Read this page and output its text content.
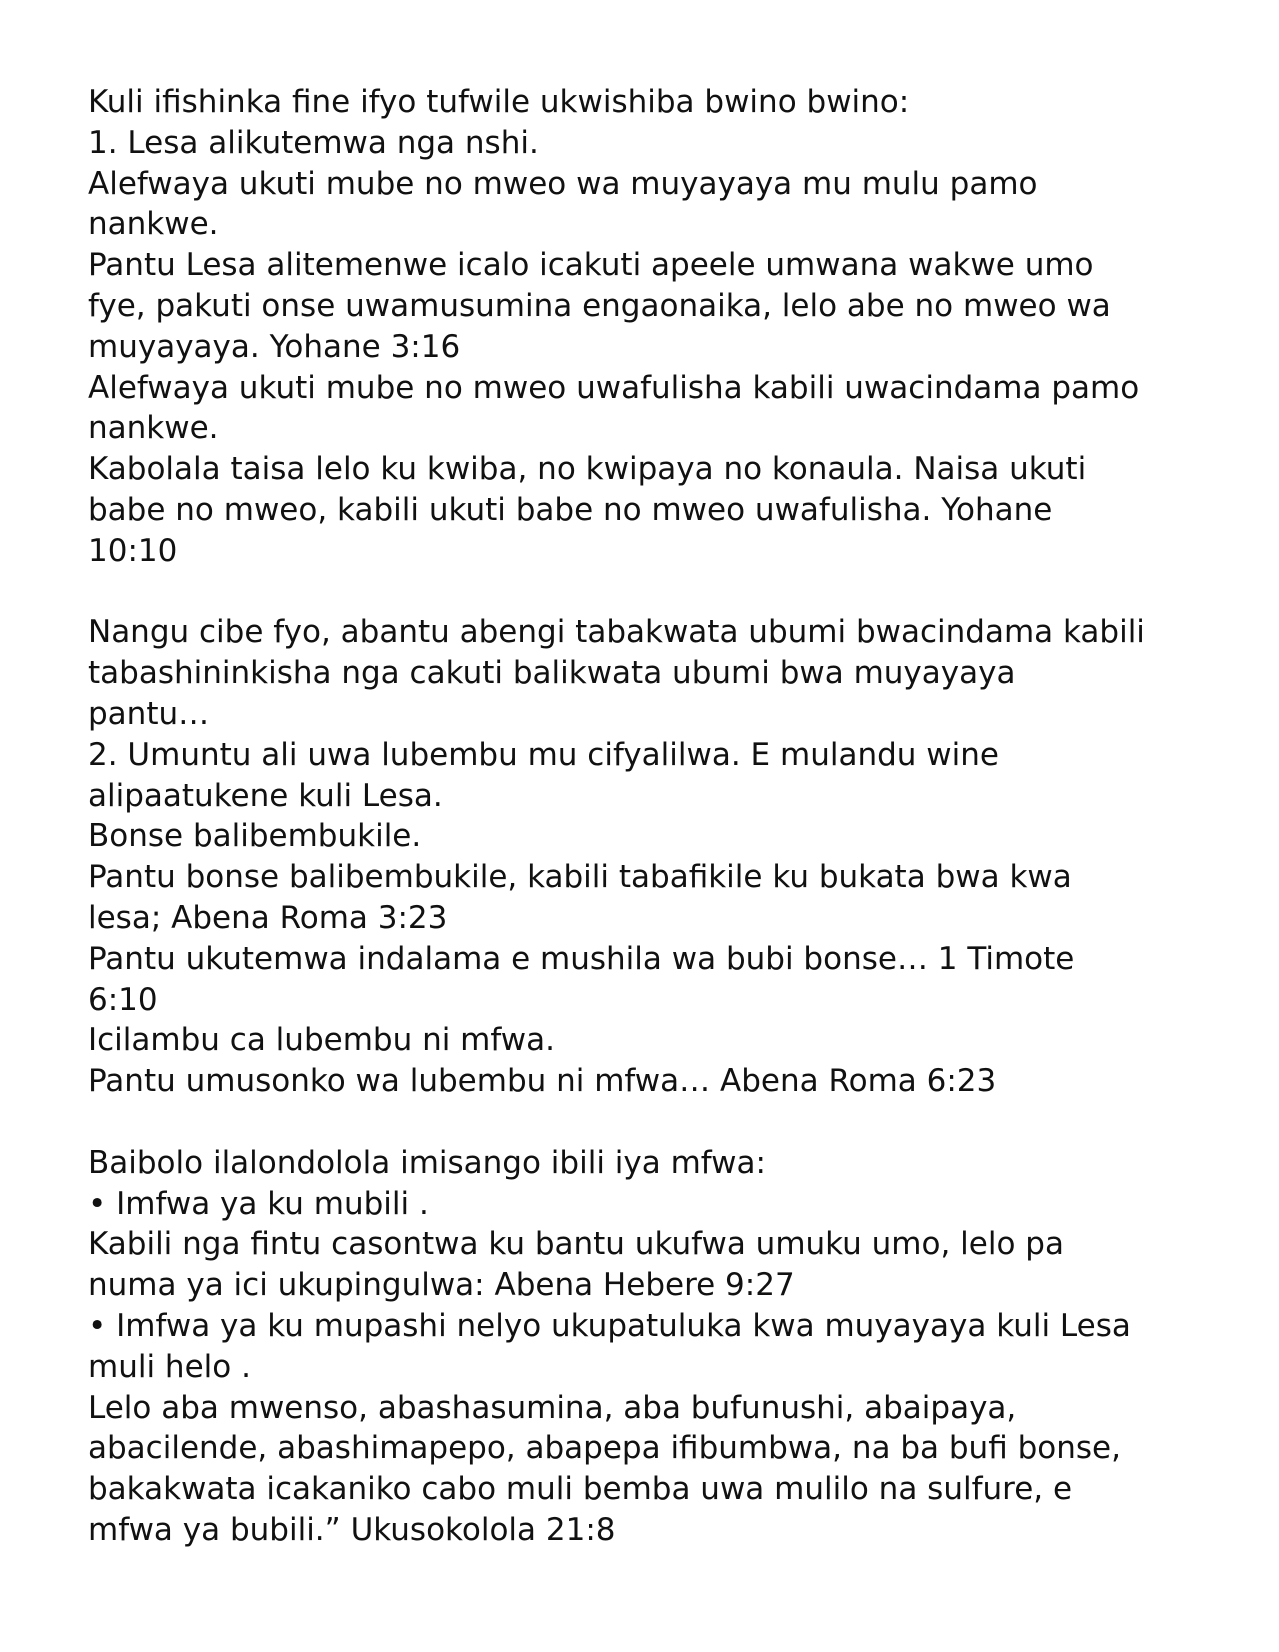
Kuli ifishinka fine ifyo tufwile ukwishiba bwino bwino:
1. Lesa alikutemwa nga nshi.
Alefwaya ukuti mube no mweo wa muyayaya mu mulu pamo
nankwe.
Pantu Lesa alitemenwe icalo icakuti apeele umwana wakwe umo
fye, pakuti onse uwamusumina engaonaika, lelo abe no mweo wa
muyayaya. Yohane 3:16
Alefwaya ukuti mube no mweo uwafulisha kabili uwacindama pamo
nankwe.
Kabolala taisa lelo ku kwiba, no kwipaya no konaula. Naisa ukuti
babe no mweo, kabili ukuti babe no mweo uwafulisha. Yohane
10:10
Nangu cibe fyo, abantu abengi tabakwata ubumi bwacindama kabili
tabashininkisha nga cakuti balikwata ubumi bwa muyayaya
pantu…
2. Umuntu ali uwa lubembu mu cifyalilwa. E mulandu wine
alipaatukene kuli Lesa.
Bonse balibembukile.
Pantu bonse balibembukile, kabili tabafikile ku bukata bwa kwa
lesa; Abena Roma 3:23
Pantu ukutemwa indalama e mushila wa bubi bonse… 1 Timote
6:10
Icilambu ca lubembu ni mfwa.
Pantu umusonko wa lubembu ni mfwa… Abena Roma 6:23
Baibolo ilalondolola imisango ibili iya mfwa:
• Imfwa ya ku mubili .
Kabili nga fintu casontwa ku bantu ukufwa umuku umo, lelo pa
numa ya ici ukupingulwa: Abena Hebere 9:27
• Imfwa ya ku mupashi nelyo ukupatuluka kwa muyayaya kuli Lesa
muli helo .
Lelo aba mwenso, abashasumina, aba bufunushi, abaipaya,
abacilende, abashimapepo, abapepa ifibumbwa, na ba bufi bonse,
bakakwata icakaniko cabo muli bemba uwa mulilo na sulfure, e
mfwa ya bubili.” Ukusokolola 21:8
